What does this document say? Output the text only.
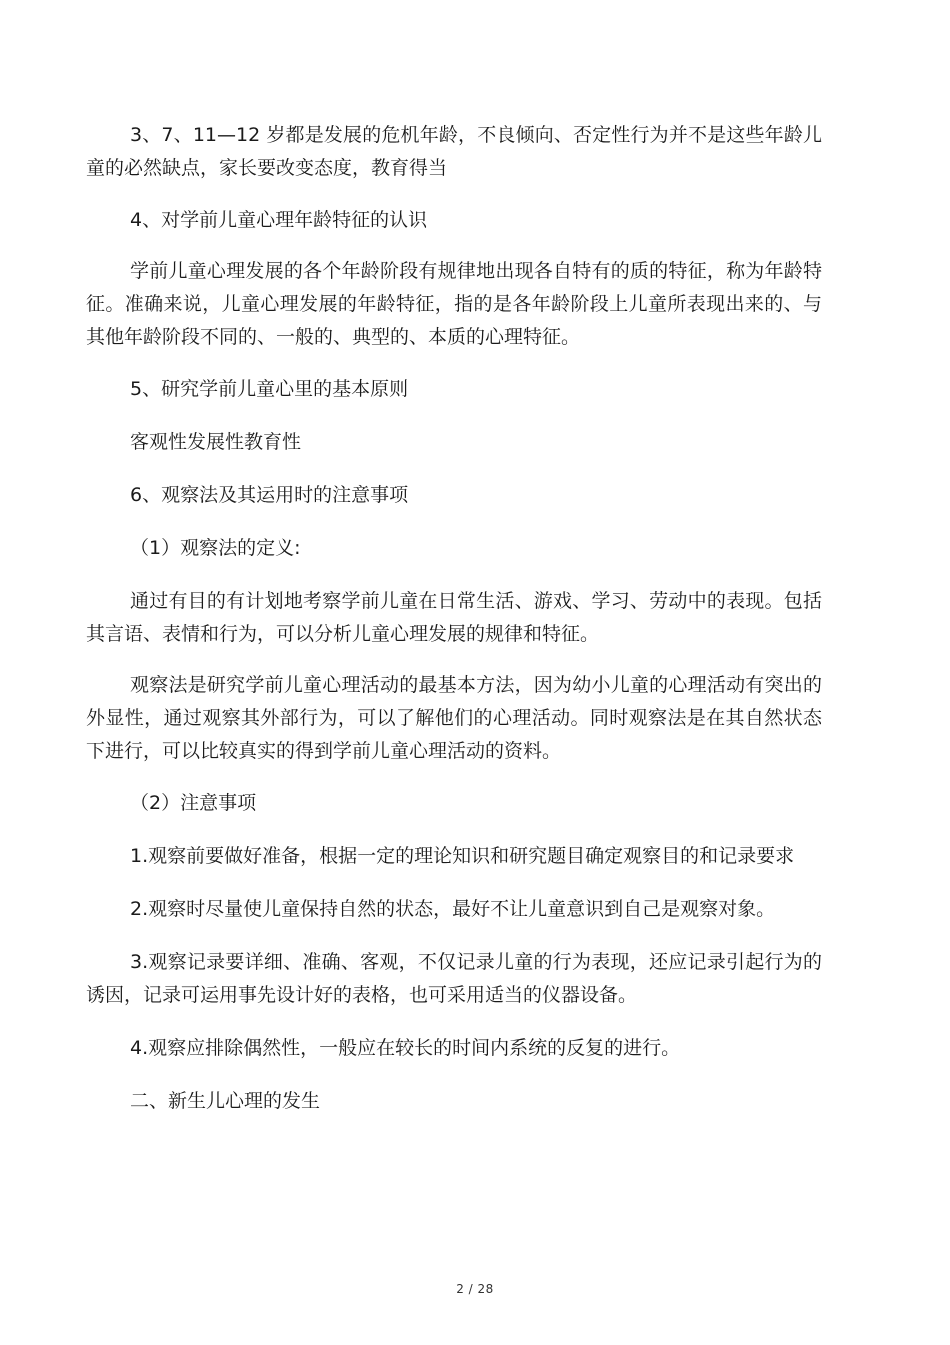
3、7、11—12 岁都是发展的危机年龄，不良倾向、否定性行为并不是这些年龄儿童的必然缺点，家长要改变态度，教育得当

4、对学前儿童心理年龄特征的认识

学前儿童心理发展的各个年龄阶段有规律地出现各自特有的质的特征，称为年龄特征。准确来说，儿童心理发展的年龄特征，指的是各年龄阶段上儿童所表现出来的、与其他年龄阶段不同的、一般的、典型的、本质的心理特征。

5、研究学前儿童心里的基本原则

客观性发展性教育性

6、观察法及其运用时的注意事项

（1）观察法的定义:

通过有目的有计划地考察学前儿童在日常生活、游戏、学习、劳动中的表现。包括其言语、表情和行为，可以分析儿童心理发展的规律和特征。

观察法是研究学前儿童心理活动的最基本方法，因为幼小儿童的心理活动有突出的外显性，通过观察其外部行为，可以了解他们的心理活动。同时观察法是在其自然状态下进行，可以比较真实的得到学前儿童心理活动的资料。

（2）注意事项

1.观察前要做好准备，根据一定的理论知识和研究题目确定观察目的和记录要求

2.观察时尽量使儿童保持自然的状态，最好不让儿童意识到自己是观察对象。

3.观察记录要详细、准确、客观，不仅记录儿童的行为表现，还应记录引起行为的诱因，记录可运用事先设计好的表格，也可采用适当的仪器设备。

4.观察应排除偶然性，一般应在较长的时间内系统的反复的进行。

二、新生儿心理的发生

2 / 28
